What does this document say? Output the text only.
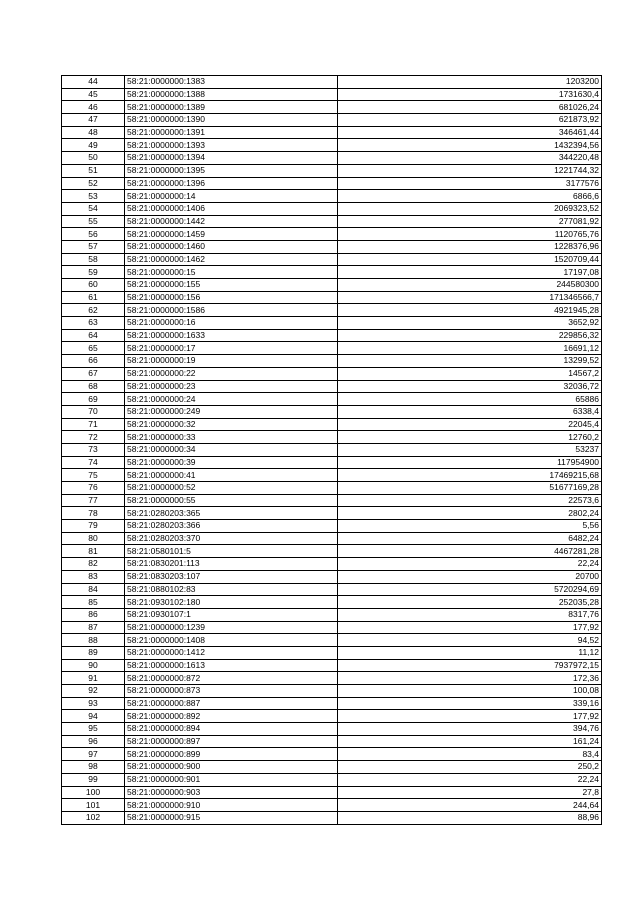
44	58:21:0000000:1383	1203200
45	58:21:0000000:1388	1731630,4
46	58:21:0000000:1389	681026,24
47	58:21:0000000:1390	621873,92
48	58:21:0000000:1391	346461,44
49	58:21:0000000:1393	1432394,56
50	58:21:0000000:1394	344220,48
51	58:21:0000000:1395	1221744,32
52	58:21:0000000:1396	3177576
53	58:21:0000000:14	6866,6
54	58:21:0000000:1406	2069323,52
55	58:21:0000000:1442	277081,92
56	58:21:0000000:1459	1120765,76
57	58:21:0000000:1460	1228376,96
58	58:21:0000000:1462	1520709,44
59	58:21:0000000:15	17197,08
60	58:21:0000000:155	244580300
61	58:21:0000000:156	171346566,7
62	58:21:0000000:1586	4921945,28
63	58:21:0000000:16	3652,92
64	58:21:0000000:1633	229856,32
65	58:21:0000000:17	16691,12
66	58:21:0000000:19	13299,52
67	58:21:0000000:22	14567,2
68	58:21:0000000:23	32036,72
69	58:21:0000000:24	65886
70	58:21:0000000:249	6338,4
71	58:21:0000000:32	22045,4
72	58:21:0000000:33	12760,2
73	58:21:0000000:34	53237
74	58:21:0000000:39	117954900
75	58:21:0000000:41	17469215,68
76	58:21:0000000:52	51677169,28
77	58:21:0000000:55	22573,6
78	58:21:0280203:365	2802,24
79	58:21:0280203:366	5,56
80	58:21:0280203:370	6482,24
81	58:21:0580101:5	4467281,28
82	58:21:0830201:113	22,24
83	58:21:0830203:107	20700
84	58:21:0880102:83	5720294,69
85	58:21:0930102:180	252035,28
86	58:21:0930107:1	8317,76
87	58:21:0000000:1239	177,92
88	58:21:0000000:1408	94,52
89	58:21:0000000:1412	11,12
90	58:21:0000000:1613	7937972,15
91	58:21:0000000:872	172,36
92	58:21:0000000:873	100,08
93	58:21:0000000:887	339,16
94	58:21:0000000:892	177,92
95	58:21:0000000:894	394,76
96	58:21:0000000:897	161,24
97	58:21:0000000:899	83,4
98	58:21:0000000:900	250,2
99	58:21:0000000:901	22,24
100	58:21:0000000:903	27,8
101	58:21:0000000:910	244,64
102	58:21:0000000:915	88,96
